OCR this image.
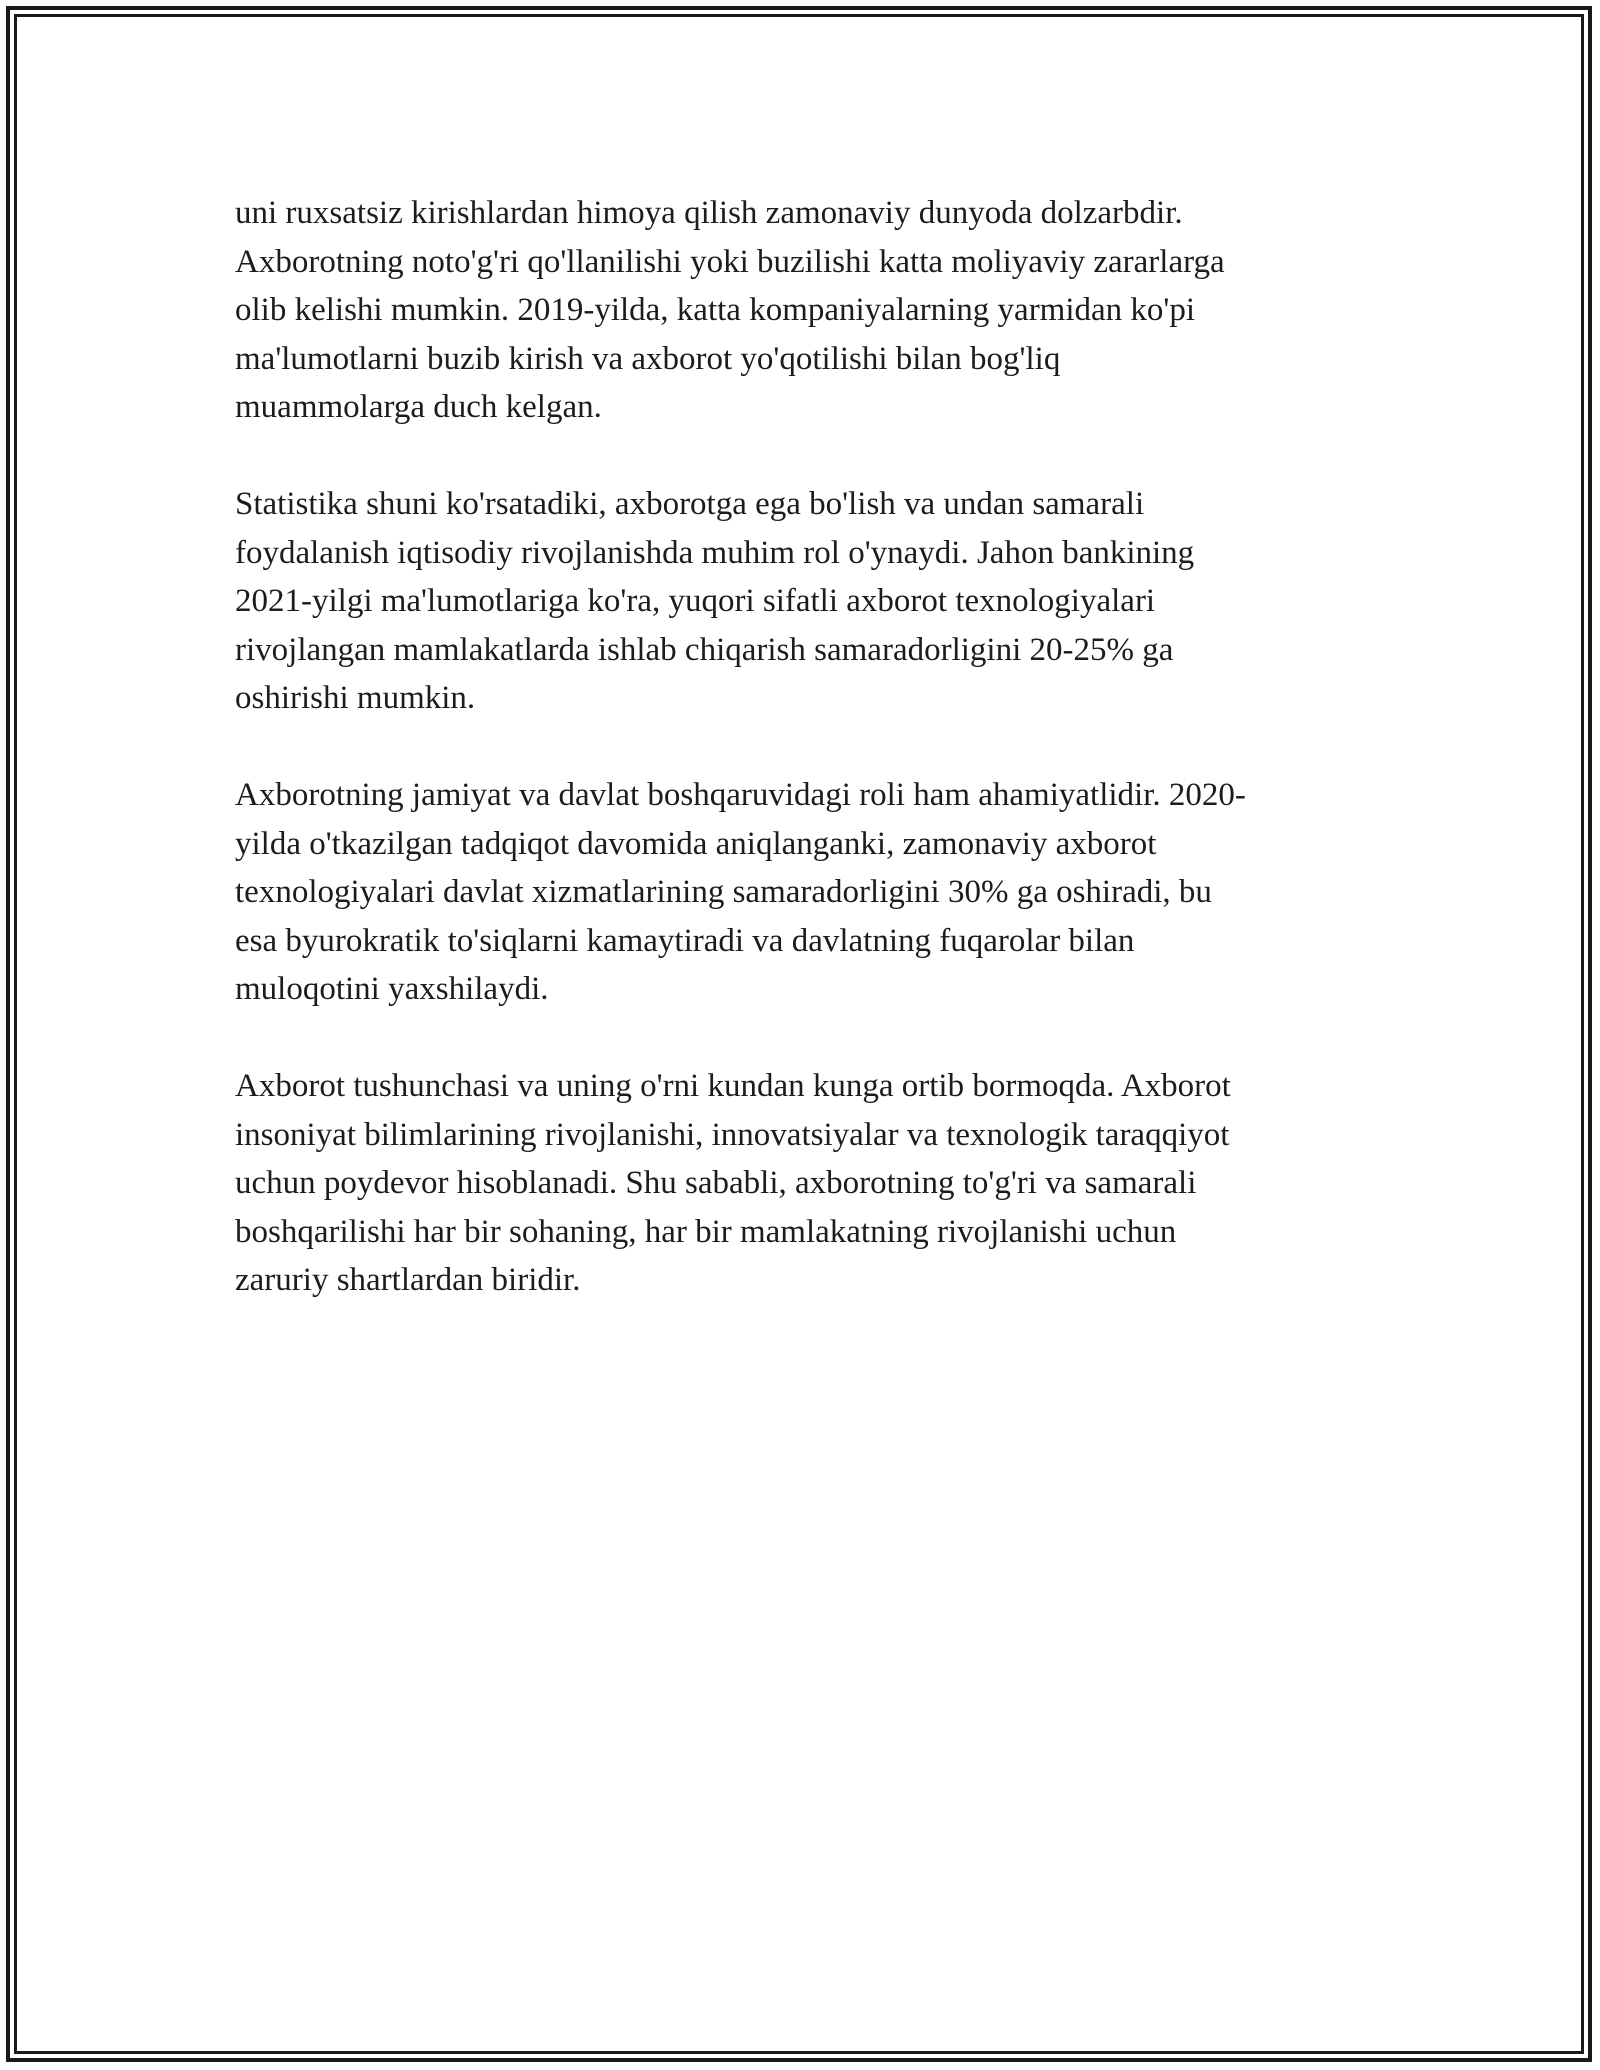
uni ruxsatsiz kirishlardan himoya qilish zamonaviy dunyoda dolzarbdir.
Axborotning noto'g'ri qo'llanilishi yoki buzilishi katta moliyaviy zararlarga
olib kelishi mumkin. 2019-yilda, katta kompaniyalarning yarmidan ko'pi
ma'lumotlarni buzib kirish va axborot yo'qotilishi bilan bog'liq
muammolarga duch kelgan.

Statistika shuni ko'rsatadiki, axborotga ega bo'lish va undan samarali
foydalanish iqtisodiy rivojlanishda muhim rol o'ynaydi. Jahon bankining
2021-yilgi ma'lumotlariga ko'ra, yuqori sifatli axborot texnologiyalari
rivojlangan mamlakatlarda ishlab chiqarish samaradorligini 20-25% ga
oshirishi mumkin.

Axborotning jamiyat va davlat boshqaruvidagi roli ham ahamiyatlidir. 2020-
yilda o'tkazilgan tadqiqot davomida aniqlanganki, zamonaviy axborot
texnologiyalari davlat xizmatlarining samaradorligini 30% ga oshiradi, bu
esa byurokratik to'siqlarni kamaytiradi va davlatning fuqarolar bilan
muloqotini yaxshilaydi.

Axborot tushunchasi va uning o'rni kundan kunga ortib bormoqda. Axborot
insoniyat bilimlarining rivojlanishi, innovatsiyalar va texnologik taraqqiyot
uchun poydevor hisoblanadi. Shu sababli, axborotning to'g'ri va samarali
boshqarilishi har bir sohaning, har bir mamlakatning rivojlanishi uchun
zaruriy shartlardan biridir.
